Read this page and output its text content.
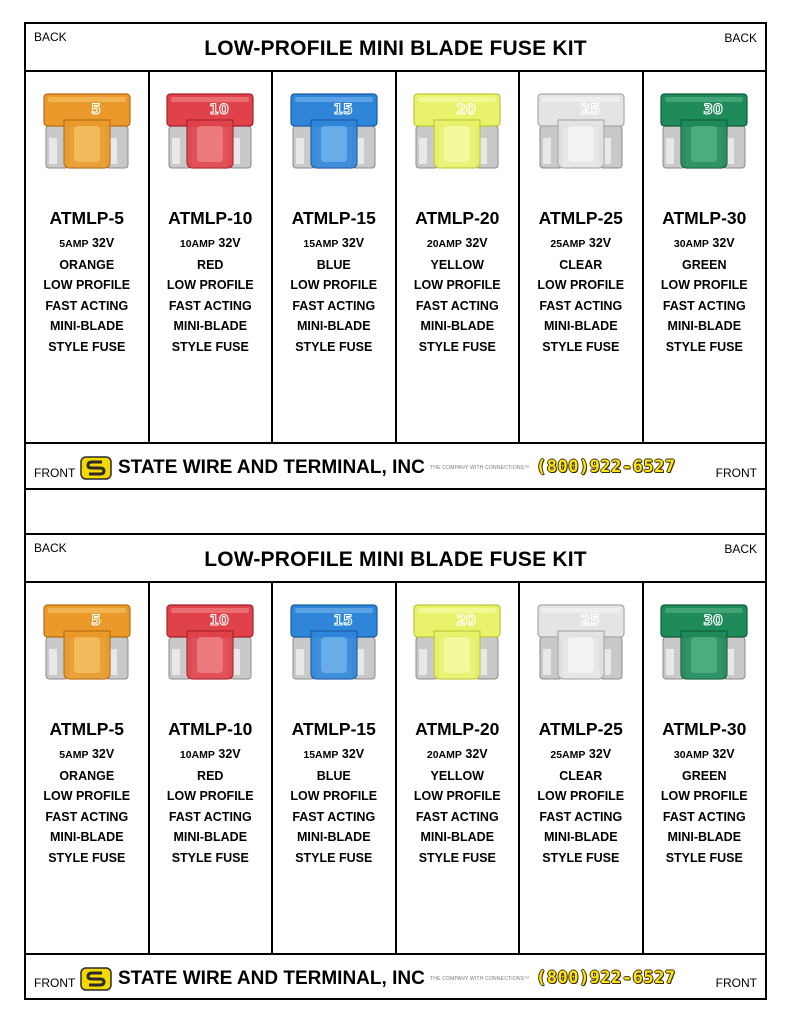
BACK	BACK
LOW-PROFILE MINI BLADE FUSE KIT
5
ATMLP-5
5AMP 32V
ORANGE
LOW PROFILE
FAST ACTING
MINI-BLADE
STYLE FUSE
10
ATMLP-10
10AMP 32V
RED
LOW PROFILE
FAST ACTING
MINI-BLADE
STYLE FUSE
15
ATMLP-15
15AMP 32V
BLUE
LOW PROFILE
FAST ACTING
MINI-BLADE
STYLE FUSE
20
ATMLP-20
20AMP 32V
YELLOW
LOW PROFILE
FAST ACTING
MINI-BLADE
STYLE FUSE
25
ATMLP-25
25AMP 32V
CLEAR
LOW PROFILE
FAST ACTING
MINI-BLADE
STYLE FUSE
30
ATMLP-30
30AMP 32V
GREEN
LOW PROFILE
FAST ACTING
MINI-BLADE
STYLE FUSE
FRONT STATE WIRE AND TERMINAL, INC THE COMPANY WITH CONNECTIONS™ (800)922-6527	FRONT
BACK	BACK
LOW-PROFILE MINI BLADE FUSE KIT
5
ATMLP-5
5AMP 32V
ORANGE
LOW PROFILE
FAST ACTING
MINI-BLADE
STYLE FUSE
10
ATMLP-10
10AMP 32V
RED
LOW PROFILE
FAST ACTING
MINI-BLADE
STYLE FUSE
15
ATMLP-15
15AMP 32V
BLUE
LOW PROFILE
FAST ACTING
MINI-BLADE
STYLE FUSE
20
ATMLP-20
20AMP 32V
YELLOW
LOW PROFILE
FAST ACTING
MINI-BLADE
STYLE FUSE
25
ATMLP-25
25AMP 32V
CLEAR
LOW PROFILE
FAST ACTING
MINI-BLADE
STYLE FUSE
30
ATMLP-30
30AMP 32V
GREEN
LOW PROFILE
FAST ACTING
MINI-BLADE
STYLE FUSE
FRONT STATE WIRE AND TERMINAL, INC THE COMPANY WITH CONNECTIONS™ (800)922-6527	FRONT
